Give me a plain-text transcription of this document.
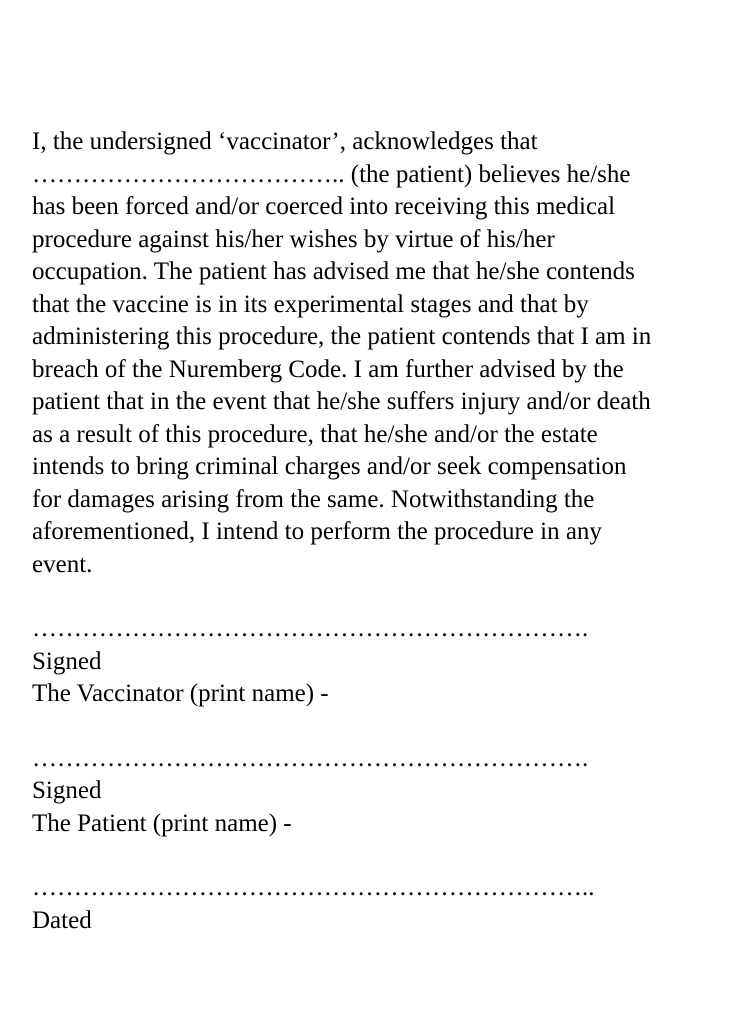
I, the undersigned ‘vaccinator’, acknowledges that
……………………………….. (the patient) believes he/she
has been forced and/or coerced into receiving this medical
procedure against his/her wishes by virtue of his/her
occupation. The patient has advised me that he/she contends
that the vaccine is in its experimental stages and that by
administering this procedure, the patient contends that I am in
breach of the Nuremberg Code. I am further advised by the
patient that in the event that he/she suffers injury and/or death
as a result of this procedure, that he/she and/or the estate
intends to bring criminal charges and/or seek compensation
for damages arising from the same. Notwithstanding the
aforementioned, I intend to perform the procedure in any
event.
………………………………………………………….
Signed
The Vaccinator (print name) -
………………………………………………………….
Signed
The Patient (print name) -
…………………………………………………………..
Dated
